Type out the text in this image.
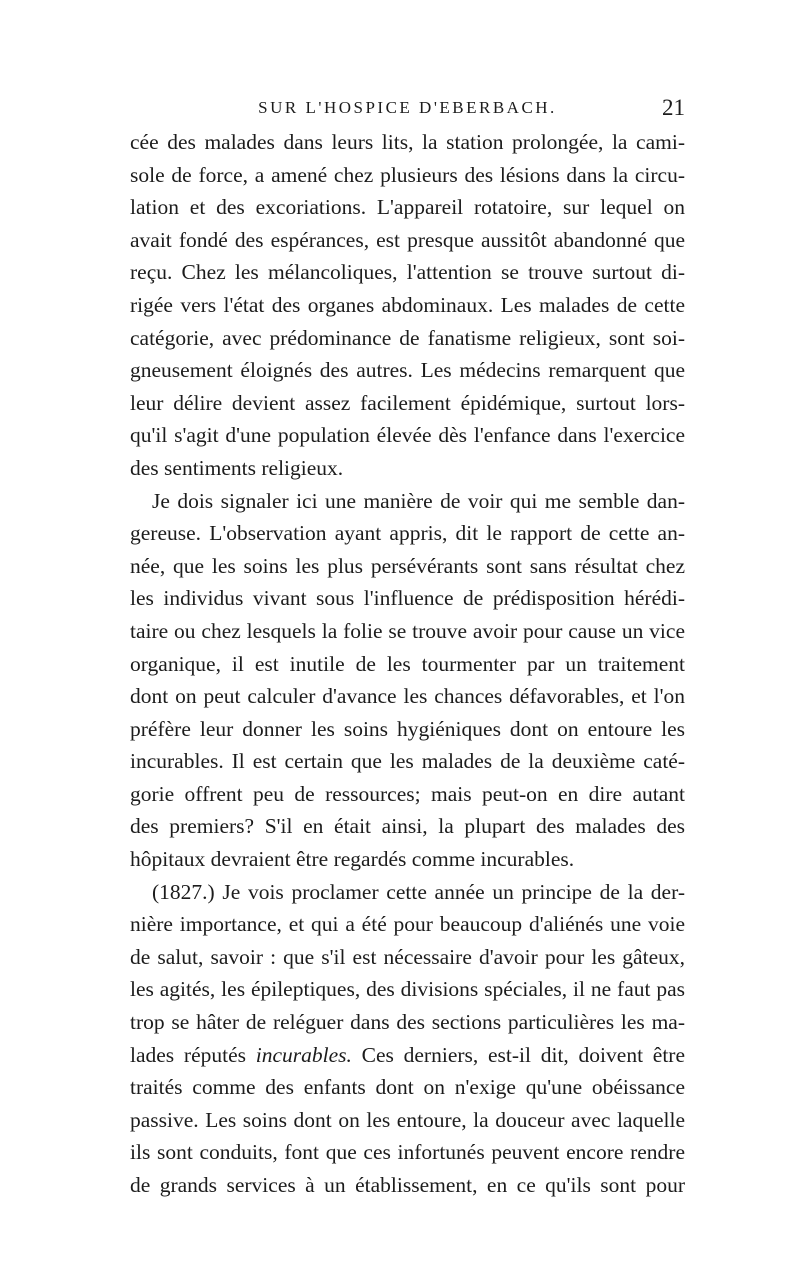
SUR L'HOSPICE D'EBERBACH.	21
cée des malades dans leurs lits, la station prolongée, la cami-
sole de force, a amené chez plusieurs des lésions dans la circu-
lation et des excoriations. L'appareil rotatoire, sur lequel on
avait fondé des espérances, est presque aussitôt abandonné que
reçu. Chez les mélancoliques, l'attention se trouve surtout di-
rigée vers l'état des organes abdominaux. Les malades de cette
catégorie, avec prédominance de fanatisme religieux, sont soi-
gneusement éloignés des autres. Les médecins remarquent que
leur délire devient assez facilement épidémique, surtout lors-
qu'il s'agit d'une population élevée dès l'enfance dans l'exercice
des sentiments religieux.
Je dois signaler ici une manière de voir qui me semble dan-
gereuse. L'observation ayant appris, dit le rapport de cette an-
née, que les soins les plus persévérants sont sans résultat chez
les individus vivant sous l'influence de prédisposition hérédi-
taire ou chez lesquels la folie se trouve avoir pour cause un vice
organique, il est inutile de les tourmenter par un traitement
dont on peut calculer d'avance les chances défavorables, et l'on
préfère leur donner les soins hygiéniques dont on entoure les
incurables. Il est certain que les malades de la deuxième caté-
gorie offrent peu de ressources; mais peut-on en dire autant
des premiers? S'il en était ainsi, la plupart des malades des
hôpitaux devraient être regardés comme incurables.
(1827.) Je vois proclamer cette année un principe de la der-
nière importance, et qui a été pour beaucoup d'aliénés une voie
de salut, savoir : que s'il est nécessaire d'avoir pour les gâteux,
les agités, les épileptiques, des divisions spéciales, il ne faut pas
trop se hâter de reléguer dans des sections particulières les ma-
lades réputés incurables. Ces derniers, est-il dit, doivent être
traités comme des enfants dont on n'exige qu'une obéissance
passive. Les soins dont on les entoure, la douceur avec laquelle
ils sont conduits, font que ces infortunés peuvent encore rendre
de grands services à un établissement, en ce qu'ils sont pour
